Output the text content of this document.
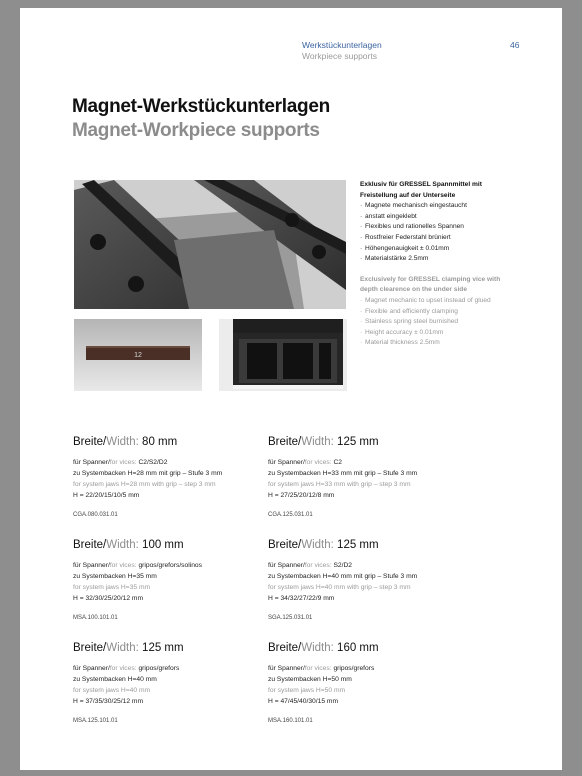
Werkstückunterlagen
Workpiece supports
46
Magnet-Werkstückunterlagen
Magnet-Workpiece supports
12
Exklusiv für GRESSEL Spannmittel mit
Freistellung auf der Unterseite
· Magnete mechanisch eingestaucht
· anstatt eingeklebt
· Flexibles und rationelles Spannen
· Rostfreier Federstahl brüniert
· Höhengenauigkeit ± 0.01mm
· Materialstärke 2.5mm
Exclusively for GRESSEL clamping vice with
depth clearence on the under side
· Magnet mechanic to upset instead of glued
· Flexible and efficiently clamping
· Stainless spring steel burnished
· Height accuracy ± 0.01mm
· Material thickness 2.5mm
Breite/Width: 80 mm
für Spanner/for vices: C2/S2/D2
zu Systembacken H=28 mm mit grip – Stufe 3 mm
for system jaws H=28 mm with grip – step 3 mm
H = 22/20/15/10/5 mm
CGA.080.031.01
Breite/Width: 125 mm
für Spanner/for vices: C2
zu Systembacken H=33 mm mit grip – Stufe 3 mm
for system jaws H=33 mm with grip – step 3 mm
H = 27/25/20/12/8 mm
CGA.125.031.01
Breite/Width: 100 mm
für Spanner/for vices: gripos/grefors/solinos
zu Systembacken H=35 mm
for system jaws H=35 mm
H = 32/30/25/20/12 mm
MSA.100.101.01
Breite/Width: 125 mm
für Spanner/for vices: S2/D2
zu Systembacken H=40 mm mit grip – Stufe 3 mm
for system jaws H=40 mm with grip – step 3 mm
H = 34/32/27/22/9 mm
SGA.125.031.01
Breite/Width: 125 mm
für Spanner/for vices: gripos/grefors
zu Systembacken H=40 mm
for system jaws H=40 mm
H = 37/35/30/25/12 mm
MSA.125.101.01
Breite/Width: 160 mm
für Spanner/for vices: gripos/grefors
zu Systembacken H=50 mm
for system jaws H=50 mm
H = 47/45/40/30/15 mm
MSA.160.101.01
